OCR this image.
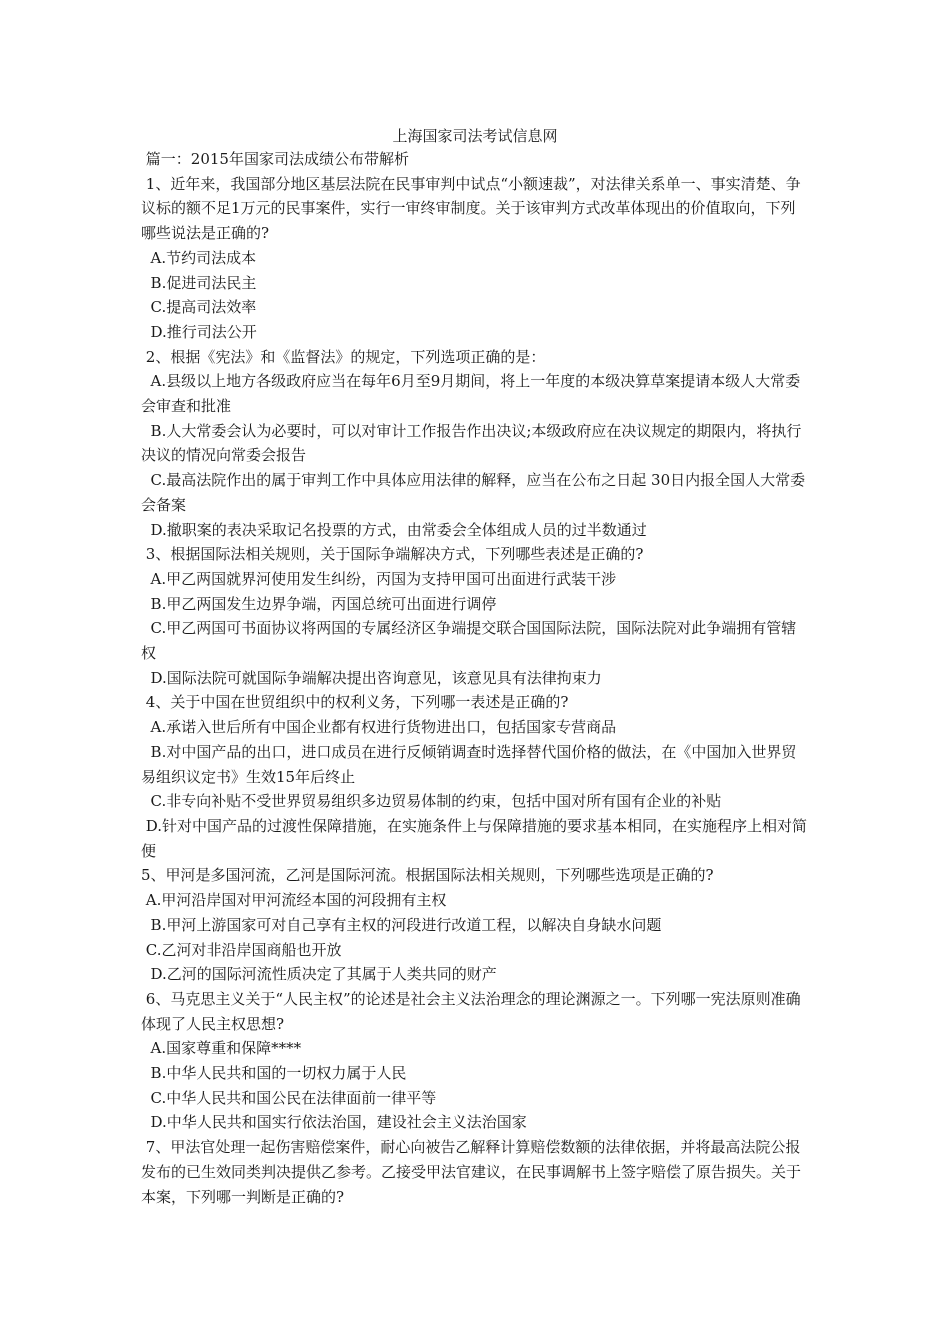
上海国家司法考试信息网

篇一：2015年国家司法成绩公布带解析

1、近年来，我国部分地区基层法院在民事审判中试点“小额速裁”，对法律关系单一、事实清楚、争议标的额不足1万元的民事案件，实行一审终审制度。关于该审判方式改革体现出的价值取向，下列哪些说法是正确的?

A.节约司法成本

B.促进司法民主

C.提高司法效率

D.推行司法公开

2、根据《宪法》和《监督法》的规定，下列选项正确的是：

A.县级以上地方各级政府应当在每年6月至9月期间，将上一年度的本级决算草案提请本级人大常委会审查和批准

B.人大常委会认为必要时，可以对审计工作报告作出决议;本级政府应在决议规定的期限内，将执行决议的情况向常委会报告

C.最高法院作出的属于审判工作中具体应用法律的解释，应当在公布之日起 30日内报全国人大常委会备案

D.撤职案的表决采取记名投票的方式，由常委会全体组成人员的过半数通过

3、根据国际法相关规则，关于国际争端解决方式，下列哪些表述是正确的?

A.甲乙两国就界河使用发生纠纷，丙国为支持甲国可出面进行武装干涉

B.甲乙两国发生边界争端，丙国总统可出面进行调停

C.甲乙两国可书面协议将两国的专属经济区争端提交联合国国际法院，国际法院对此争端拥有管辖权

D.国际法院可就国际争端解决提出咨询意见，该意见具有法律拘束力

4、关于中国在世贸组织中的权利义务，下列哪一表述是正确的?

A.承诺入世后所有中国企业都有权进行货物进出口，包括国家专营商品

B.对中国产品的出口，进口成员在进行反倾销调查时选择替代国价格的做法，在《中国加入世界贸易组织议定书》生效15年后终止

C.非专向补贴不受世界贸易组织多边贸易体制的约束，包括中国对所有国有企业的补贴

D.针对中国产品的过渡性保障措施，在实施条件上与保障措施的要求基本相同，在实施程序上相对简便

5、甲河是多国河流，乙河是国际河流。根据国际法相关规则，下列哪些选项是正确的?

A.甲河沿岸国对甲河流经本国的河段拥有主权

B.甲河上游国家可对自己享有主权的河段进行改道工程，以解决自身缺水问题

C.乙河对非沿岸国商船也开放

D.乙河的国际河流性质决定了其属于人类共同的财产

6、马克思主义关于“人民主权”的论述是社会主义法治理念的理论渊源之一。下列哪一宪法原则准确体现了人民主权思想?

A.国家尊重和保障****

B.中华人民共和国的一切权力属于人民

C.中华人民共和国公民在法律面前一律平等

D.中华人民共和国实行依法治国，建设社会主义法治国家

7、甲法官处理一起伤害赔偿案件，耐心向被告乙解释计算赔偿数额的法律依据，并将最高法院公报发布的已生效同类判决提供乙参考。乙接受甲法官建议，在民事调解书上签字赔偿了原告损失。关于本案，下列哪一判断是正确的?
